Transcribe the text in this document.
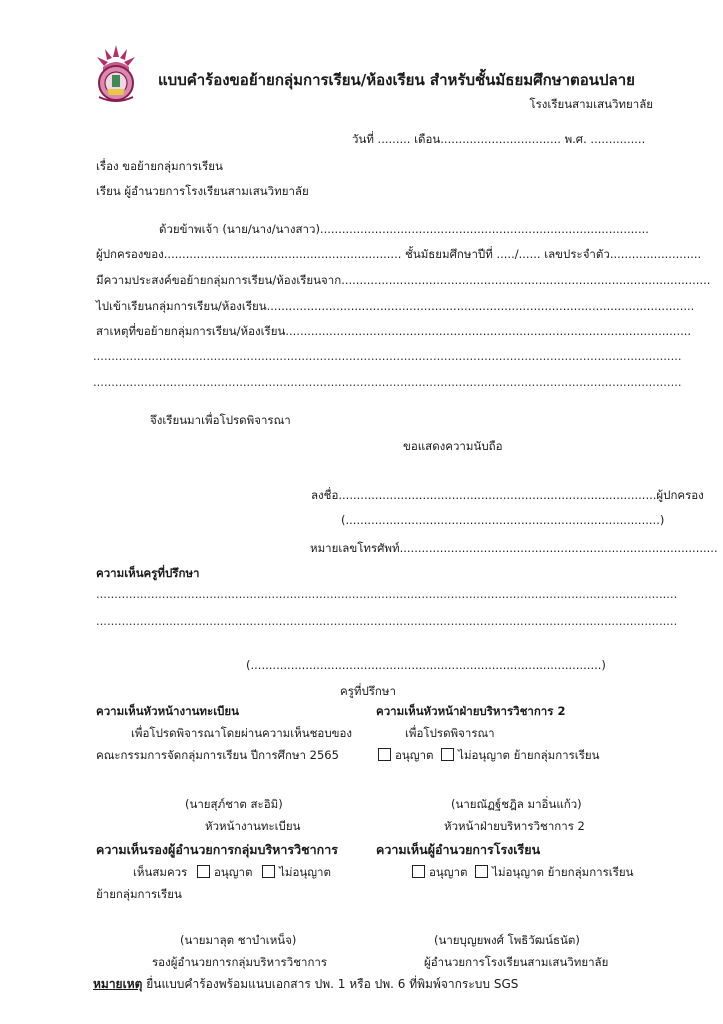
แบบคำร้องขอย้ายกลุ่มการเรียน/ห้องเรียน สำหรับชั้นมัธยมศึกษาตอนปลาย
โรงเรียนสามเสนวิทยาลัย
วันที่ ......... เดือน................................. พ.ศ. ...............
เรื่อง ขอย้ายกลุ่มการเรียน
เรียน ผู้อำนวยการโรงเรียนสามเสนวิทยาลัย
ด้วยข้าพเจ้า (นาย/นาง/นางสาว)..........................................................................................
ผู้ปกครองของ................................................................. ชั้นมัธยมศึกษาปีที่ ...../...... เลขประจำตัว.........................
มีความประสงค์ขอย้ายกลุ่มการเรียน/ห้องเรียนจาก.....................................................................................................
ไปเข้าเรียนกลุ่มการเรียน/ห้องเรียน.....................................................................................................................
สาเหตุที่ขอย้ายกลุ่มการเรียน/ห้องเรียน...............................................................................................................
.................................................................................................................................................................
.................................................................................................................................................................
จึงเรียนมาเพื่อโปรดพิจารณา
ขอแสดงความนับถือ
ลงชื่อ.......................................................................................ผู้ปกครอง
(......................................................................................)
หมายเลขโทรศัพท์.......................................................................................
ความเห็นครูที่ปรึกษา
...............................................................................................................................................................
...............................................................................................................................................................
(................................................................................................)
ครูที่ปรึกษา
ความเห็นหัวหน้างานทะเบียน
เพื่อโปรดพิจารณาโดยผ่านความเห็นชอบของ
คณะกรรมการจัดกลุ่มการเรียน ปีการศึกษา 2565
(นายสุภ์ชาต สะอิมิ)
หัวหน้างานทะเบียน
ความเห็นหัวหน้าฝ่ายบริหารวิชาการ 2
เพื่อโปรดพิจารณา
อนุญาต ไม่อนุญาต ย้ายกลุ่มการเรียน
(นายณัฏฐ์ชฎิล มาอิ่นแก้ว)
หัวหน้าฝ่ายบริหารวิชาการ 2
ความเห็นรองผู้อำนวยการกลุ่มบริหารวิชาการ
เห็นสมควร อนุญาต ไม่อนุญาต
ย้ายกลุ่มการเรียน
(นายมาลุต ชาบำเหน็จ)
รองผู้อำนวยการกลุ่มบริหารวิชาการ
ความเห็นผู้อำนวยการโรงเรียน
อนุญาต ไม่อนุญาต ย้ายกลุ่มการเรียน
(นายบุญยพงศ์ โพธิวัฒน์ธนัต)
ผู้อำนวยการโรงเรียนสามเสนวิทยาลัย
หมายเหตุ ยื่นแบบคำร้องพร้อมแนบเอกสาร ปพ. 1 หรือ ปพ. 6 ที่พิมพ์จากระบบ SGS
